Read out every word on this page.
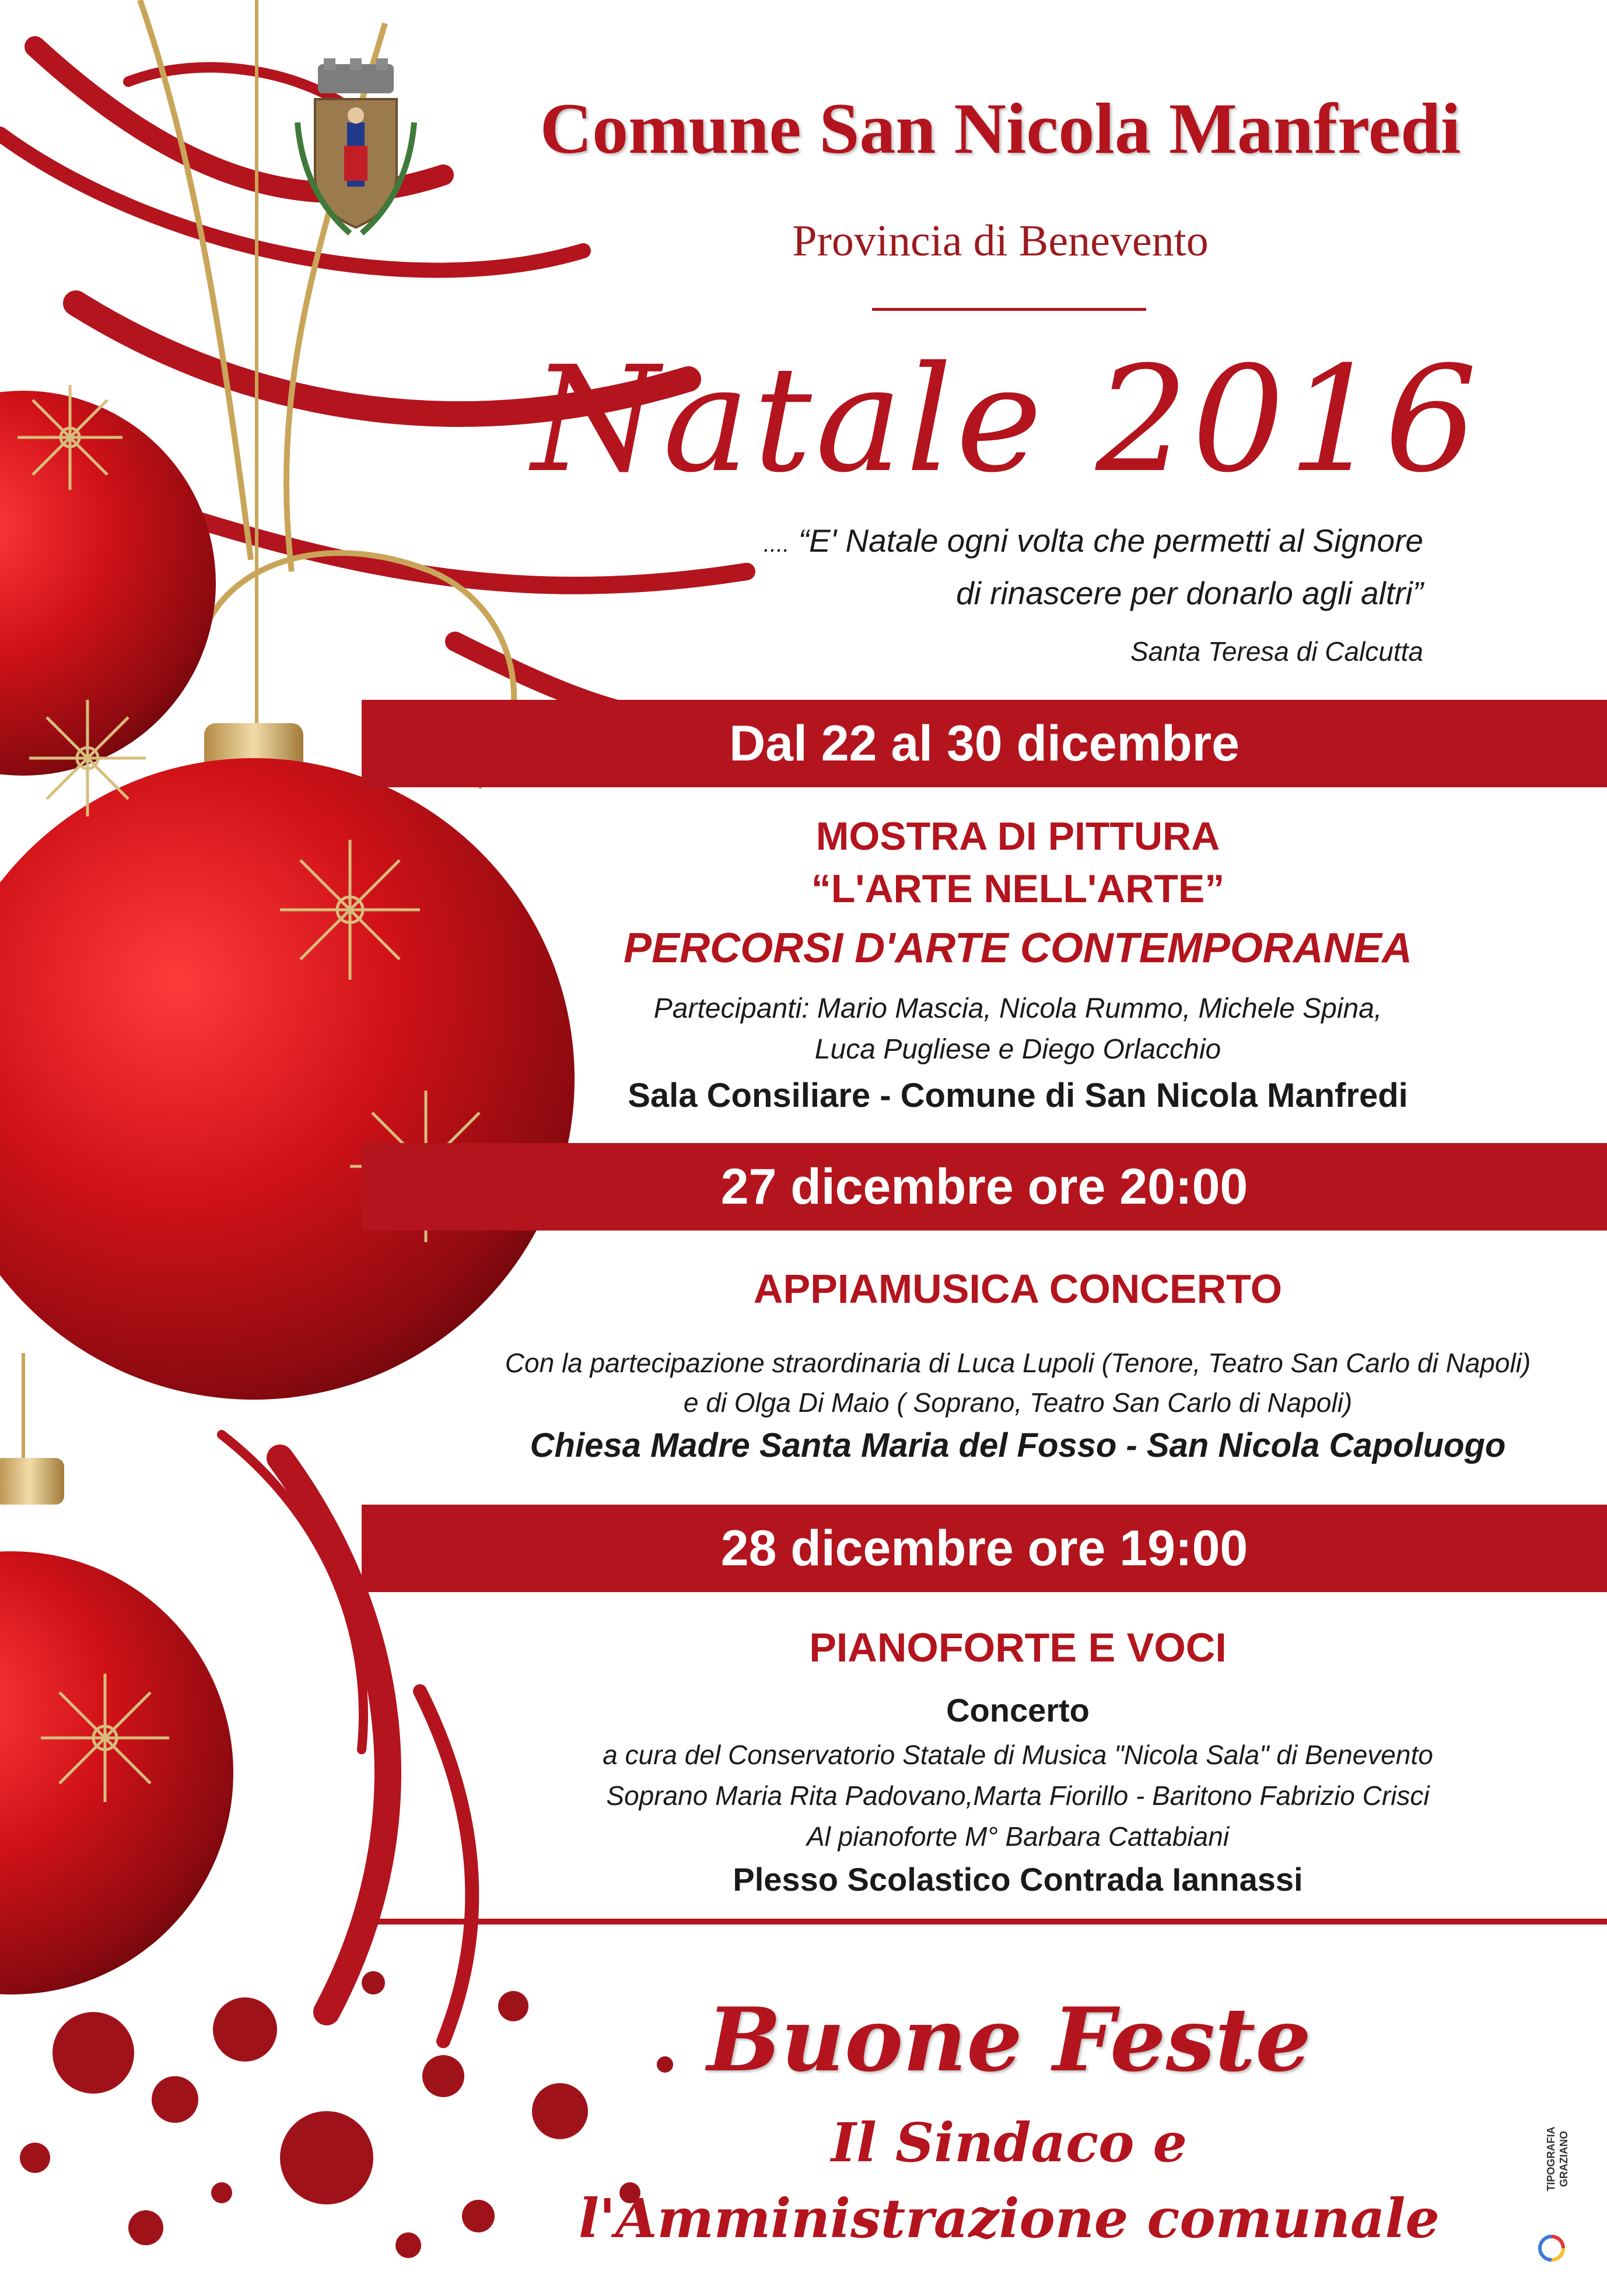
Comune San Nicola Manfredi
Provincia di Benevento
Natale 2016
.... “E' Natale ogni volta che permetti al Signore
di rinascere per donarlo agli altri”
Santa Teresa di Calcutta
Dal 22 al 30 dicembre
MOSTRA DI PITTURA
“L'ARTE NELL'ARTE”
PERCORSI D'ARTE CONTEMPORANEA
Partecipanti: Mario Mascia, Nicola Rummo, Michele Spina,
Luca Pugliese e Diego Orlacchio
Sala Consiliare - Comune di San Nicola Manfredi
27 dicembre ore 20:00
APPIAMUSICA CONCERTO
Con la partecipazione straordinaria di Luca Lupoli (Tenore, Teatro San Carlo di Napoli)
e di Olga Di Maio ( Soprano, Teatro San Carlo di Napoli)
Chiesa Madre Santa Maria del Fosso - San Nicola Capoluogo
28 dicembre ore 19:00
PIANOFORTE E VOCI
Concerto
a cura del Conservatorio Statale di Musica "Nicola Sala" di Benevento
Soprano Maria Rita Padovano,Marta Fiorillo - Baritono Fabrizio Crisci
Al pianoforte M° Barbara Cattabiani
Plesso Scolastico Contrada Iannassi
Buone Feste
Il Sindaco e
l'Amministrazione comunale
TIPOGRAFIA GRAZIANO
